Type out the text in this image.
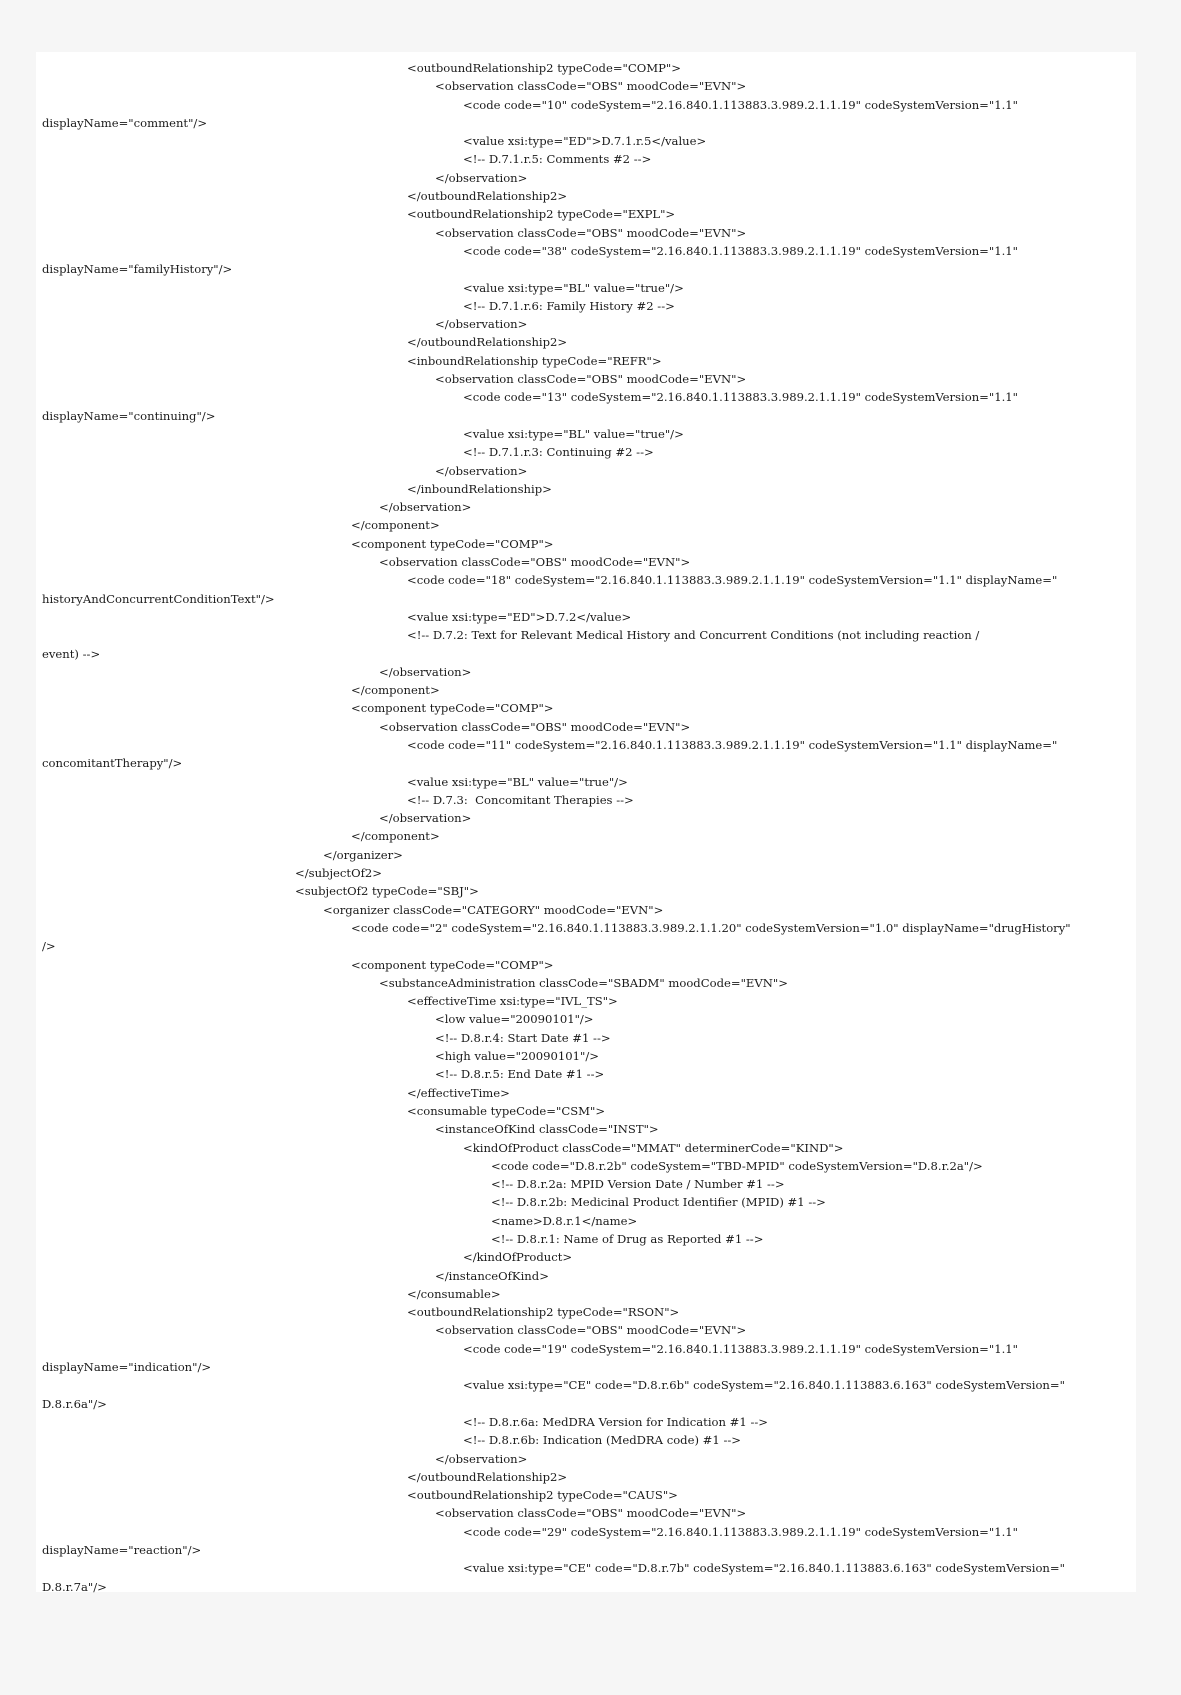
<outboundRelationship2 typeCode="COMP">
<observation classCode="OBS" moodCode="EVN">
<code code="10" codeSystem="2.16.840.1.113883.3.989.2.1.1.19" codeSystemVersion="1.1"
displayName="comment"/>
<value xsi:type="ED">D.7.1.r.5</value>
<!-- D.7.1.r.5: Comments #2 -->
</observation>
</outboundRelationship2>
<outboundRelationship2 typeCode="EXPL">
<observation classCode="OBS" moodCode="EVN">
<code code="38" codeSystem="2.16.840.1.113883.3.989.2.1.1.19" codeSystemVersion="1.1"
displayName="familyHistory"/>
<value xsi:type="BL" value="true"/>
<!-- D.7.1.r.6: Family History #2 -->
</observation>
</outboundRelationship2>
<inboundRelationship typeCode="REFR">
<observation classCode="OBS" moodCode="EVN">
<code code="13" codeSystem="2.16.840.1.113883.3.989.2.1.1.19" codeSystemVersion="1.1"
displayName="continuing"/>
<value xsi:type="BL" value="true"/>
<!-- D.7.1.r.3: Continuing #2 -->
</observation>
</inboundRelationship>
</observation>
</component>
<component typeCode="COMP">
<observation classCode="OBS" moodCode="EVN">
<code code="18" codeSystem="2.16.840.1.113883.3.989.2.1.1.19" codeSystemVersion="1.1" displayName="
historyAndConcurrentConditionText"/>
<value xsi:type="ED">D.7.2</value>
<!-- D.7.2: Text for Relevant Medical History and Concurrent Conditions (not including reaction /
event) -->
</observation>
</component>
<component typeCode="COMP">
<observation classCode="OBS" moodCode="EVN">
<code code="11" codeSystem="2.16.840.1.113883.3.989.2.1.1.19" codeSystemVersion="1.1" displayName="
concomitantTherapy"/>
<value xsi:type="BL" value="true"/>
<!-- D.7.3:  Concomitant Therapies -->
</observation>
</component>
</organizer>
</subjectOf2>
<subjectOf2 typeCode="SBJ">
<organizer classCode="CATEGORY" moodCode="EVN">
<code code="2" codeSystem="2.16.840.1.113883.3.989.2.1.1.20" codeSystemVersion="1.0" displayName="drugHistory"
/>
<component typeCode="COMP">
<substanceAdministration classCode="SBADM" moodCode="EVN">
<effectiveTime xsi:type="IVL_TS">
<low value="20090101"/>
<!-- D.8.r.4: Start Date #1 -->
<high value="20090101"/>
<!-- D.8.r.5: End Date #1 -->
</effectiveTime>
<consumable typeCode="CSM">
<instanceOfKind classCode="INST">
<kindOfProduct classCode="MMAT" determinerCode="KIND">
<code code="D.8.r.2b" codeSystem="TBD-MPID" codeSystemVersion="D.8.r.2a"/>
<!-- D.8.r.2a: MPID Version Date / Number #1 -->
<!-- D.8.r.2b: Medicinal Product Identifier (MPID) #1 -->
<name>D.8.r.1</name>
<!-- D.8.r.1: Name of Drug as Reported #1 -->
</kindOfProduct>
</instanceOfKind>
</consumable>
<outboundRelationship2 typeCode="RSON">
<observation classCode="OBS" moodCode="EVN">
<code code="19" codeSystem="2.16.840.1.113883.3.989.2.1.1.19" codeSystemVersion="1.1"
displayName="indication"/>
<value xsi:type="CE" code="D.8.r.6b" codeSystem="2.16.840.1.113883.6.163" codeSystemVersion="
D.8.r.6a"/>
<!-- D.8.r.6a: MedDRA Version for Indication #1 -->
<!-- D.8.r.6b: Indication (MedDRA code) #1 -->
</observation>
</outboundRelationship2>
<outboundRelationship2 typeCode="CAUS">
<observation classCode="OBS" moodCode="EVN">
<code code="29" codeSystem="2.16.840.1.113883.3.989.2.1.1.19" codeSystemVersion="1.1"
displayName="reaction"/>
<value xsi:type="CE" code="D.8.r.7b" codeSystem="2.16.840.1.113883.6.163" codeSystemVersion="
D.8.r.7a"/>
